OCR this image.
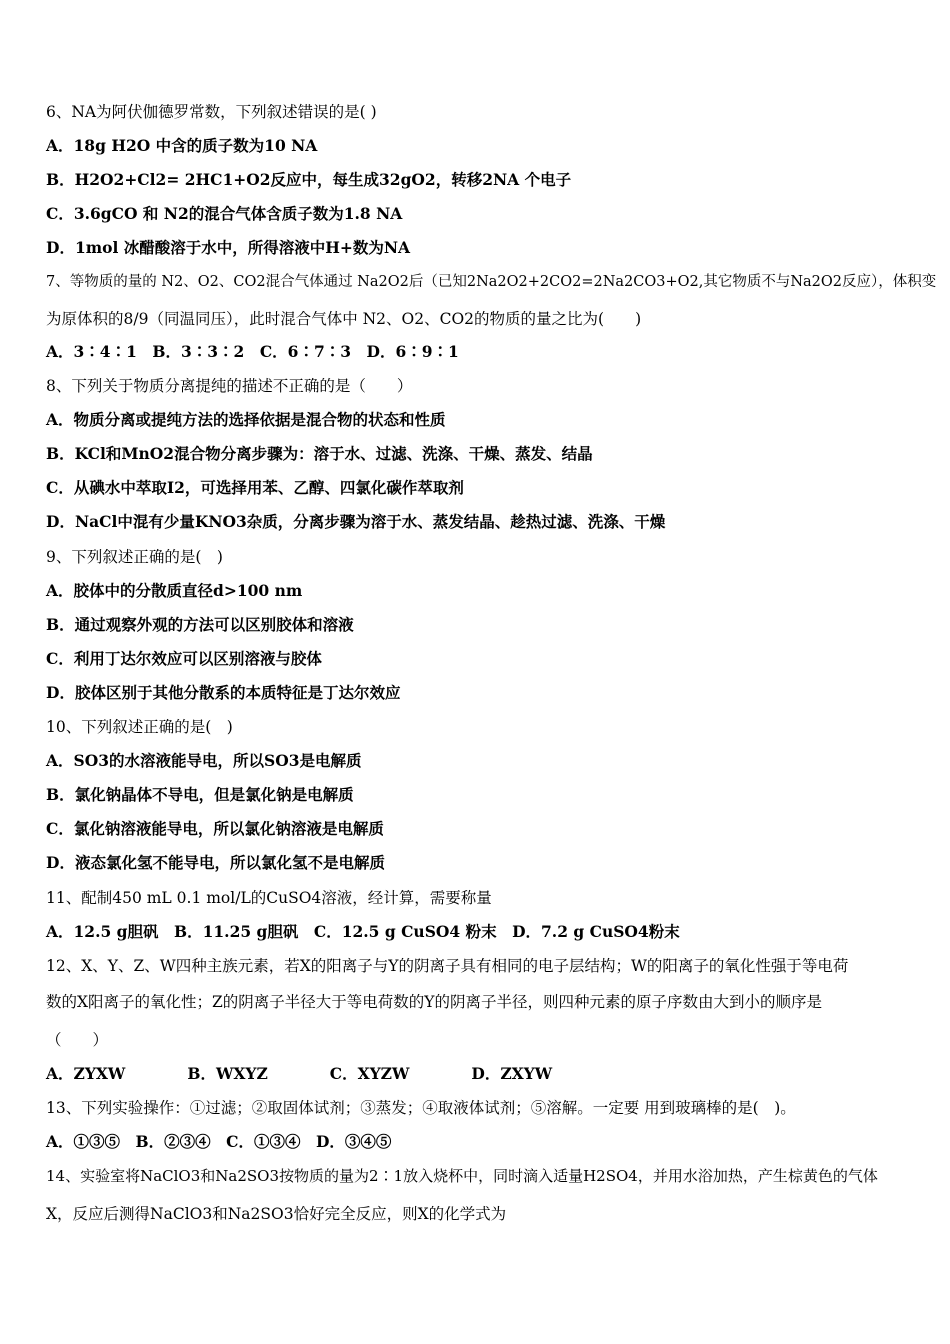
6、NA为阿伏伽德罗常数，下列叙述错误的是( )
A．18g H2O 中含的质子数为10 NA
B．H2O2+Cl2= 2HC1+O2反应中，每生成32gO2，转移2NA 个电子
C．3.6gCO 和 N2的混合气体含质子数为1.8 NA
D．1mol 冰醋酸溶于水中，所得溶液中H+数为NA
7、等物质的量的 N2、O2、CO2混合气体通过 Na2O2后（已知2Na2O2+2CO2=2Na2CO3+O2,其它物质不与Na2O2反应），体积变
为原体积的8/9（同温同压），此时混合气体中 N2、O2、CO2的物质的量之比为(　　)
A．3∶4∶1　B．3∶3∶2　C．6∶7∶3　D．6∶9∶1
8、下列关于物质分离提纯的描述不正确的是（　　）
A．物质分离或提纯方法的选择依据是混合物的状态和性质
B．KCl和MnO2混合物分离步骤为：溶于水、过滤、洗涤、干燥、蒸发、结晶
C．从碘水中萃取I2，可选择用苯、乙醇、四氯化碳作萃取剂
D．NaCl中混有少量KNO3杂质，分离步骤为溶于水、蒸发结晶、趁热过滤、洗涤、干燥
9、下列叙述正确的是(　)
A．胶体中的分散质直径d>100 nm
B．通过观察外观的方法可以区别胶体和溶液
C．利用丁达尔效应可以区别溶液与胶体
D．胶体区别于其他分散系的本质特征是丁达尔效应
10、下列叙述正确的是(　)
A．SO3的水溶液能导电，所以SO3是电解质
B．氯化钠晶体不导电，但是氯化钠是电解质
C．氯化钠溶液能导电，所以氯化钠溶液是电解质
D．液态氯化氢不能导电，所以氯化氢不是电解质
11、配制450 mL 0.1 mol/L的CuSO4溶液，经计算，需要称量
A．12.5 g胆矾　B．11.25 g胆矾　C．12.5 g CuSO4 粉末　D．7.2 g CuSO4粉末
12、X、Y、Z、W四种主族元素，若X的阳离子与Y的阴离子具有相同的电子层结构；W的阳离子的氧化性强于等电荷
数的X阳离子的氧化性；Z的阴离子半径大于等电荷数的Y的阴离子半径，则四种元素的原子序数由大到小的顺序是
（　　）
A．ZYXW　　　　B．WXYZ　　　　C．XYZW　　　　D．ZXYW
13、下列实验操作：①过滤；②取固体试剂；③蒸发；④取液体试剂；⑤溶解。一定要 用到玻璃棒的是(　)。
A．①③⑤　B．②③④　C．①③④　D．③④⑤
14、实验室将NaClO3和Na2SO3按物质的量为2∶1放入烧杯中，同时滴入适量H2SO4，并用水浴加热，产生棕黄色的气体
X，反应后测得NaClO3和Na2SO3恰好完全反应，则X的化学式为
